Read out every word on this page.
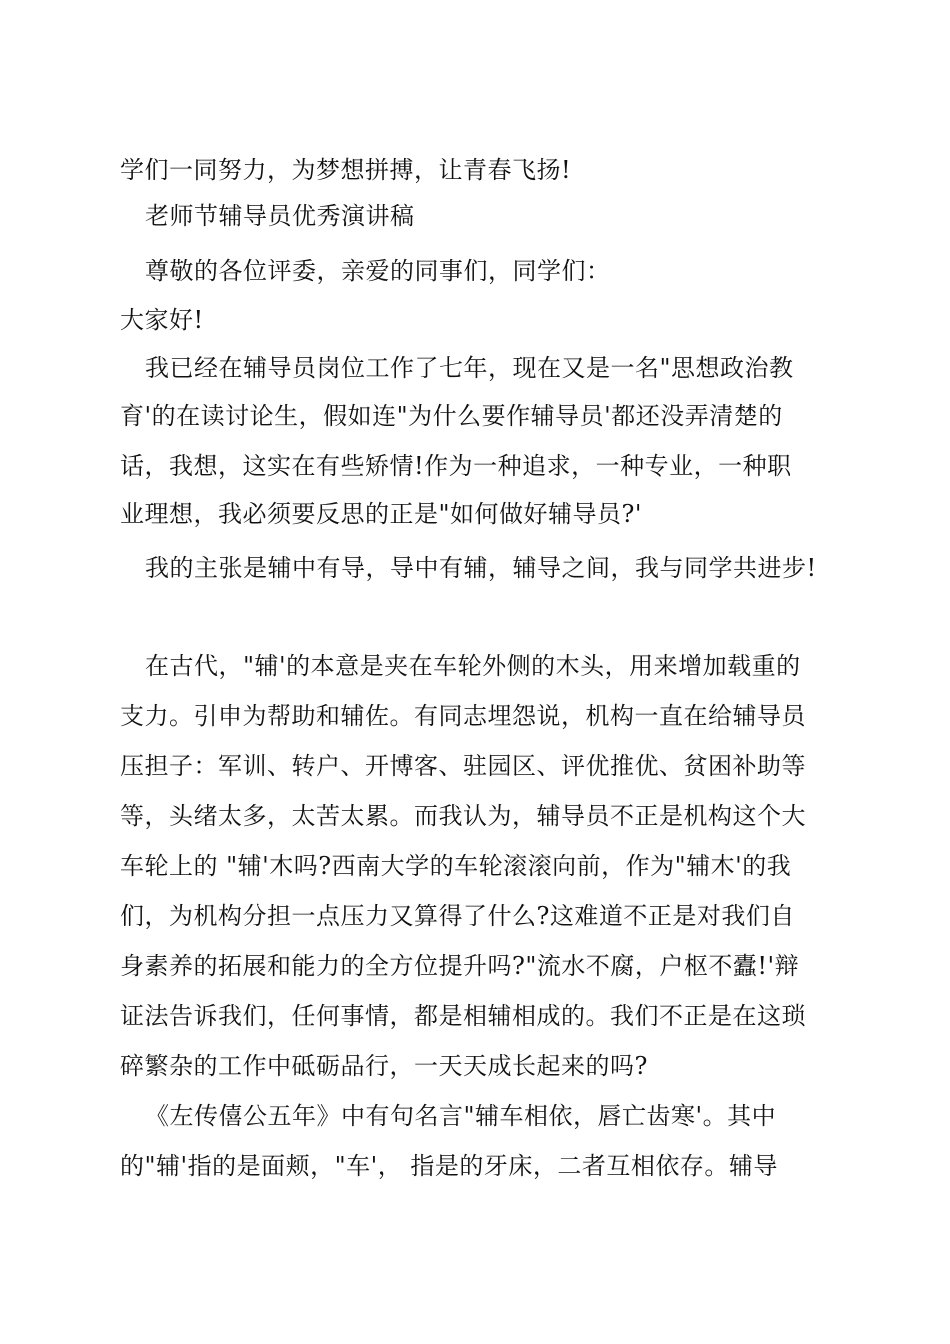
学们一同努力，为梦想拼搏，让青春飞扬!
老师节辅导员优秀演讲稿
尊敬的各位评委，亲爱的同事们，同学们：
大家好!
我已经在辅导员岗位工作了七年，现在又是一名"思想政治教
育'的在读讨论生，假如连"为什么要作辅导员'都还没弄清楚的
话，我想，这实在有些矫情!作为一种追求，一种专业，一种职
业理想，我必须要反思的正是"如何做好辅导员?'
我的主张是辅中有导，导中有辅，辅导之间，我与同学共进步!
在古代，"辅'的本意是夹在车轮外侧的木头，用来增加载重的
支力。引申为帮助和辅佐。有同志埋怨说，机构一直在给辅导员
压担子：军训、转户、开博客、驻园区、评优推优、贫困补助等
等，头绪太多，太苦太累。而我认为，辅导员不正是机构这个大
车轮上的 "辅'木吗?西南大学的车轮滚滚向前，作为"辅木'的我
们，为机构分担一点压力又算得了什么?这难道不正是对我们自
身素养的拓展和能力的全方位提升吗?"流水不腐，户枢不蠹!'辩
证法告诉我们，任何事情，都是相辅相成的。我们不正是在这琐
碎繁杂的工作中砥砺品行，一天天成长起来的吗?
《左传僖公五年》中有句名言"辅车相依，唇亡齿寒'。其中
的"辅'指的是面颊，"车'， 指是的牙床，二者互相依存。辅导
